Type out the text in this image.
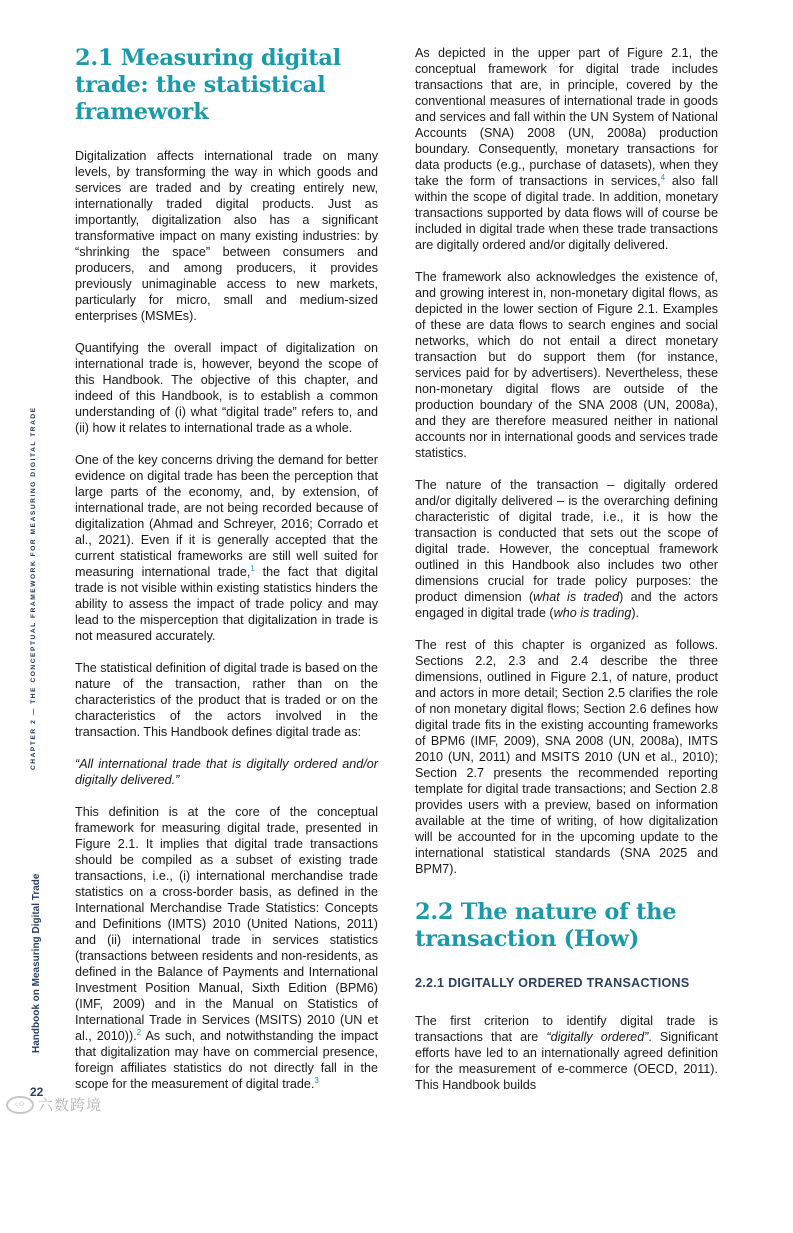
CHAPTER 2 — THE CONCEPTUAL FRAMEWORK FOR MEASURING DIGITAL TRADE
Handbook on Measuring Digital Trade
22
ᶜᴼ 六数跨境
2.1 Measuring digital trade: the statistical framework

Digitalization affects international trade on many levels, by transforming the way in which goods and services are traded and by creating entirely new, internationally traded digital products. Just as importantly, digitalization also has a significant transformative impact on many existing industries: by “shrinking the space” between consumers and producers, and among producers, it provides previously unimaginable access to new markets, particularly for micro, small and medium-sized enterprises (MSMEs).

Quantifying the overall impact of digitalization on international trade is, however, beyond the scope of this Handbook. The objective of this chapter, and indeed of this Handbook, is to establish a common understanding of (i) what “digital trade” refers to, and (ii) how it relates to international trade as a whole.

One of the key concerns driving the demand for better evidence on digital trade has been the perception that large parts of the economy, and, by extension, of international trade, are not being recorded because of digitalization (Ahmad and Schreyer, 2016; Corrado et al., 2021). Even if it is generally accepted that the current statistical frameworks are still well suited for measuring international trade,$^1$ the fact that digital trade is not visible within existing statistics hinders the ability to assess the impact of trade policy and may lead to the misperception that digitalization in trade is not measured accurately.

The statistical definition of digital trade is based on the nature of the transaction, rather than on the characteristics of the product that is traded or on the characteristics of the actors involved in the transaction. This Handbook defines digital trade as:

“All international trade that is digitally ordered and/or digitally delivered.”

This definition is at the core of the conceptual framework for measuring digital trade, presented in Figure 2.1. It implies that digital trade transactions should be compiled as a subset of existing trade transactions, i.e., (i) international merchandise trade statistics on a cross-border basis, as defined in the International Merchandise Trade Statistics: Concepts and Definitions (IMTS) 2010 (United Nations, 2011) and (ii) international trade in services statistics (transactions between residents and non-residents, as defined in the Balance of Payments and International Investment Position Manual, Sixth Edition (BPM6) (IMF, 2009) and in the Manual on Statistics of International Trade in Services (MSITS) 2010 (UN et al., 2010)).$^2$ As such, and notwithstanding the impact that digitalization may have on commercial presence, foreign affiliates statistics do not directly fall in the scope for the measurement of digital trade.$^3$

As depicted in the upper part of Figure 2.1, the conceptual framework for digital trade includes transactions that are, in principle, covered by the conventional measures of international trade in goods and services and fall within the UN System of National Accounts (SNA) 2008 (UN, 2008a) production boundary. Consequently, monetary transactions for data products (e.g., purchase of datasets), when they take the form of transactions in services,$^4$ also fall within the scope of digital trade. In addition, monetary transactions supported by data flows will of course be included in digital trade when these trade transactions are digitally ordered and/or digitally delivered.

The framework also acknowledges the existence of, and growing interest in, non-monetary digital flows, as depicted in the lower section of Figure 2.1. Examples of these are data flows to search engines and social networks, which do not entail a direct monetary transaction but do support them (for instance, services paid for by advertisers). Nevertheless, these non-monetary digital flows are outside of the production boundary of the SNA 2008 (UN, 2008a), and they are therefore measured neither in national accounts nor in international goods and services trade statistics.

The nature of the transaction – digitally ordered and/or digitally delivered – is the overarching defining characteristic of digital trade, i.e., it is how the transaction is conducted that sets out the scope of digital trade. However, the conceptual framework outlined in this Handbook also includes two other dimensions crucial for trade policy purposes: the product dimension (what is traded) and the actors engaged in digital trade (who is trading).

The rest of this chapter is organized as follows. Sections 2.2, 2.3 and 2.4 describe the three dimensions, outlined in Figure 2.1, of nature, product and actors in more detail; Section 2.5 clarifies the role of non monetary digital flows; Section 2.6 defines how digital trade fits in the existing accounting frameworks of BPM6 (IMF, 2009), SNA 2008 (UN, 2008a), IMTS 2010 (UN, 2011) and MSITS 2010 (UN et al., 2010); Section 2.7 presents the recommended reporting template for digital trade transactions; and Section 2.8 provides users with a preview, based on information available at the time of writing, of how digitalization will be accounted for in the upcoming update to the international statistical standards (SNA 2025 and BPM7).

2.2 The nature of the transaction (How)
2.2.1 DIGITALLY ORDERED TRANSACTIONS

The first criterion to identify digital trade is transactions that are “digitally ordered”. Significant efforts have led to an internationally agreed definition for the measurement of e-commerce (OECD, 2011). This Handbook builds
